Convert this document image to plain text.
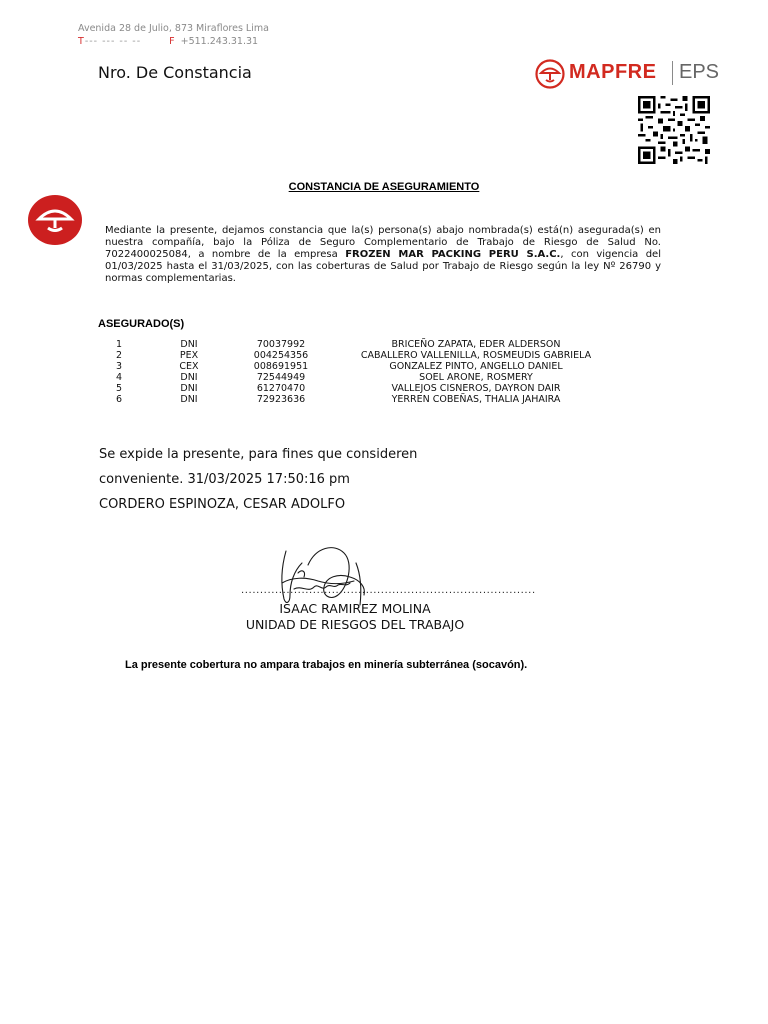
Avenida 28 de Julio, 873 Miraflores Lima
T--- --- -- --	F +511.243.31.31
Nro. De Constancia	MAPFRE EPS
CONSTANCIA DE ASEGURAMIENTO
Mediante la presente, dejamos constancia que la(s) persona(s) abajo nombrada(s) está(n) asegurada(s) en nuestra compañía, bajo la Póliza de Seguro Complementario de Trabajo de Riesgo de Salud No. 7022400025084, a nombre de la empresa FROZEN MAR PACKING PERU S.A.C., con vigencia del 01/03/2025 hasta el 31/03/2025, con las coberturas de Salud por Trabajo de Riesgo según la ley Nº 26790 y normas complementarias.
ASEGURADO(S)
1	DNI	70037992	BRICEÑO ZAPATA, EDER ALDERSON
2	PEX	004254356	CABALLERO VALLENILLA, ROSMEUDIS GABRIELA
3	CEX	008691951	GONZALEZ PINTO, ANGELLO DANIEL
4	DNI	72544949	SOEL ARONE, ROSMERY
5	DNI	61270470	VALLEJOS CISNEROS, DAYRON DAIR
6	DNI	72923636	YERREN COBEÑAS, THALIA JAHAIRA
Se expide la presente, para fines que consideren
conveniente. 31/03/2025 17:50:16 pm
CORDERO ESPINOZA, CESAR ADOLFO
..............................................................................
ISAAC RAMIREZ MOLINA
UNIDAD DE RIESGOS DEL TRABAJO
La presente cobertura no ampara trabajos en minería subterránea (socavón).
